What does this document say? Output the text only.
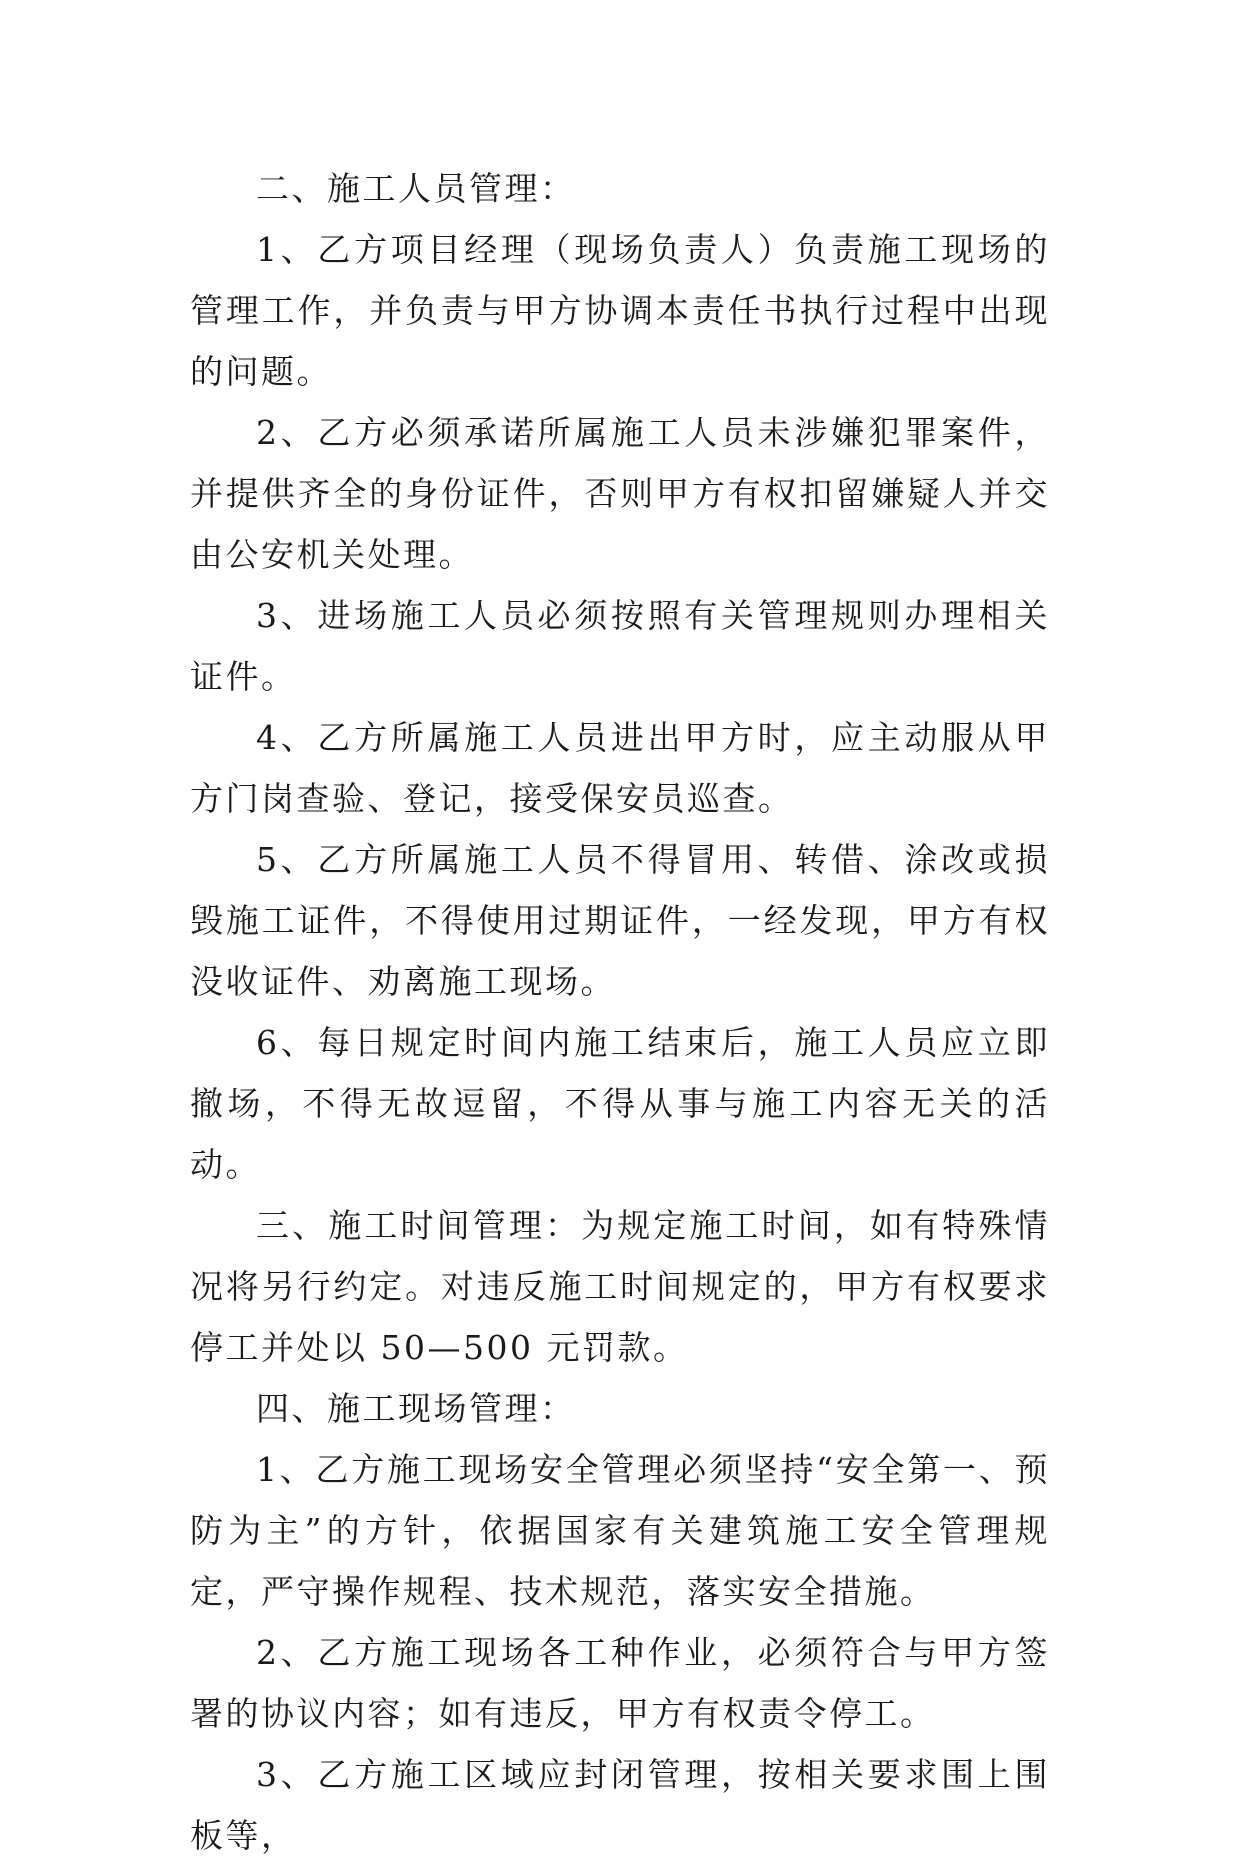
二、施工人员管理：

1、乙方项目经理（现场负责人）负责施工现场的管理工作，并负责与甲方协调本责任书执行过程中出现的问题。

2、乙方必须承诺所属施工人员未涉嫌犯罪案件，并提供齐全的身份证件，否则甲方有权扣留嫌疑人并交由公安机关处理。

3、进场施工人员必须按照有关管理规则办理相关证件。

4、乙方所属施工人员进出甲方时，应主动服从甲方门岗查验、登记，接受保安员巡查。

5、乙方所属施工人员不得冒用、转借、涂改或损毁施工证件，不得使用过期证件，一经发现，甲方有权没收证件、劝离施工现场。

6、每日规定时间内施工结束后，施工人员应立即撤场，不得无故逗留，不得从事与施工内容无关的活动。

三、施工时间管理：为规定施工时间，如有特殊情况将另行约定。对违反施工时间规定的，甲方有权要求停工并处以 50—500 元罚款。

四、施工现场管理：

1、乙方施工现场安全管理必须坚持“安全第一、预防为主”的方针，依据国家有关建筑施工安全管理规定，严守操作规程、技术规范，落实安全措施。

2、乙方施工现场各工种作业，必须符合与甲方签署的协议内容；如有违反，甲方有权责令停工。

3、乙方施工区域应封闭管理，按相关要求围上围板等，
